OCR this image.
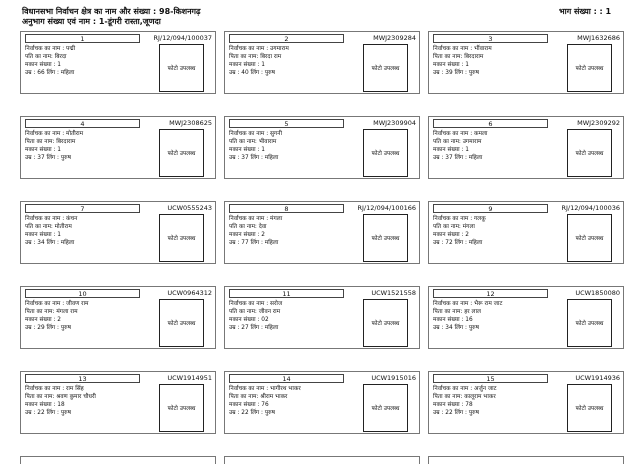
विधानसभा निर्वाचन क्षेत्र का नाम और संख्या : 98-किशनगढ़
अनुभाग संख्या एवं नाम : 1-डूंगरी रास्ता,जूणदा
भाग संख्या : : 1
1	RJ/12/094/100037
निर्वाचक का नाम : पद्मी
पति का नाम: बिरदा
मकान संख्या : 1
उम्र : 66 लिंग : महिला
फोटो उपलब्ध
2	MWJ2309284
निर्वाचक का नाम : उगमाराम
पिता का नाम: बिरदा राम
मकान संख्या : 1
उम्र : 40 लिंग : पुरुष
फोटो उपलब्ध
3	MWJ1632686
निर्वाचक का नाम : भींवाराम
पिता का नाम: बिरदाराम
मकान संख्या : 1
उम्र : 39 लिंग : पुरुष
फोटो उपलब्ध
4	MWJ2308625
निर्वाचक का नाम : मोतीराम
पिता का नाम: बिरदाराम
मकान संख्या : 1
उम्र : 37 लिंग : पुरुष
फोटो उपलब्ध
5	MWJ2309904
निर्वाचक का नाम : सुगनी
पति का नाम: भीवाराम
मकान संख्या : 1
उम्र : 37 लिंग : महिला
फोटो उपलब्ध
6	MWJ2309292
निर्वाचक का नाम : कमला
पति का नाम: उगमाराम
मकान संख्या : 1
उम्र : 37 लिंग : महिला
फोटो उपलब्ध
7	UCW0555243
निर्वाचक का नाम : कंचन
पति का नाम: मोतीराम
मकान संख्या : 1
उम्र : 34 लिंग : महिला
फोटो उपलब्ध
8	RJ/12/094/100166
निर्वाचक का नाम : मंगला
पति का नाम: देवा
मकान संख्या : 2
उम्र : 77 लिंग : महिला
फोटो उपलब्ध
9	RJ/12/094/100036
निर्वाचक का नाम : गलकू
पति का नाम: मंगला
मकान संख्या : 2
उम्र : 72 लिंग : महिला
फोटो उपलब्ध
10	UCW0964312
निर्वाचक का नाम : जीवण राम
पिता का नाम: मंगला राम
मकान संख्या : 2
उम्र : 29 लिंग : पुरुष
फोटो उपलब्ध
11	UCW1521558
निर्वाचक का नाम : सरोज
पति का नाम: जीवन राम
मकान संख्या : 02
उम्र : 27 लिंग : महिला
फोटो उपलब्ध
12	UCW1850080
निर्वाचक का नाम : भैरू राम जाट
पिता का नाम: हर लाल
मकान संख्या : 16
उम्र : 34 लिंग : पुरुष
फोटो उपलब्ध
13	UCW1914951
निर्वाचक का नाम : राम सिंह
पिता का नाम: श्रवण कुमार चौधरी
मकान संख्या : 18
उम्र : 22 लिंग : पुरुष
फोटो उपलब्ध
14	UCW1915016
निर्वाचक का नाम : भागीरथ भाकर
पिता का नाम: श्रीराम भाकर
मकान संख्या : 76
उम्र : 22 लिंग : पुरुष
फोटो उपलब्ध
15	UCW1914936
निर्वाचक का नाम : अर्जुन जाट
पिता का नाम: कालूराम भाकर
मकान संख्या : 78
उम्र : 22 लिंग : पुरुष
फोटो उपलब्ध
